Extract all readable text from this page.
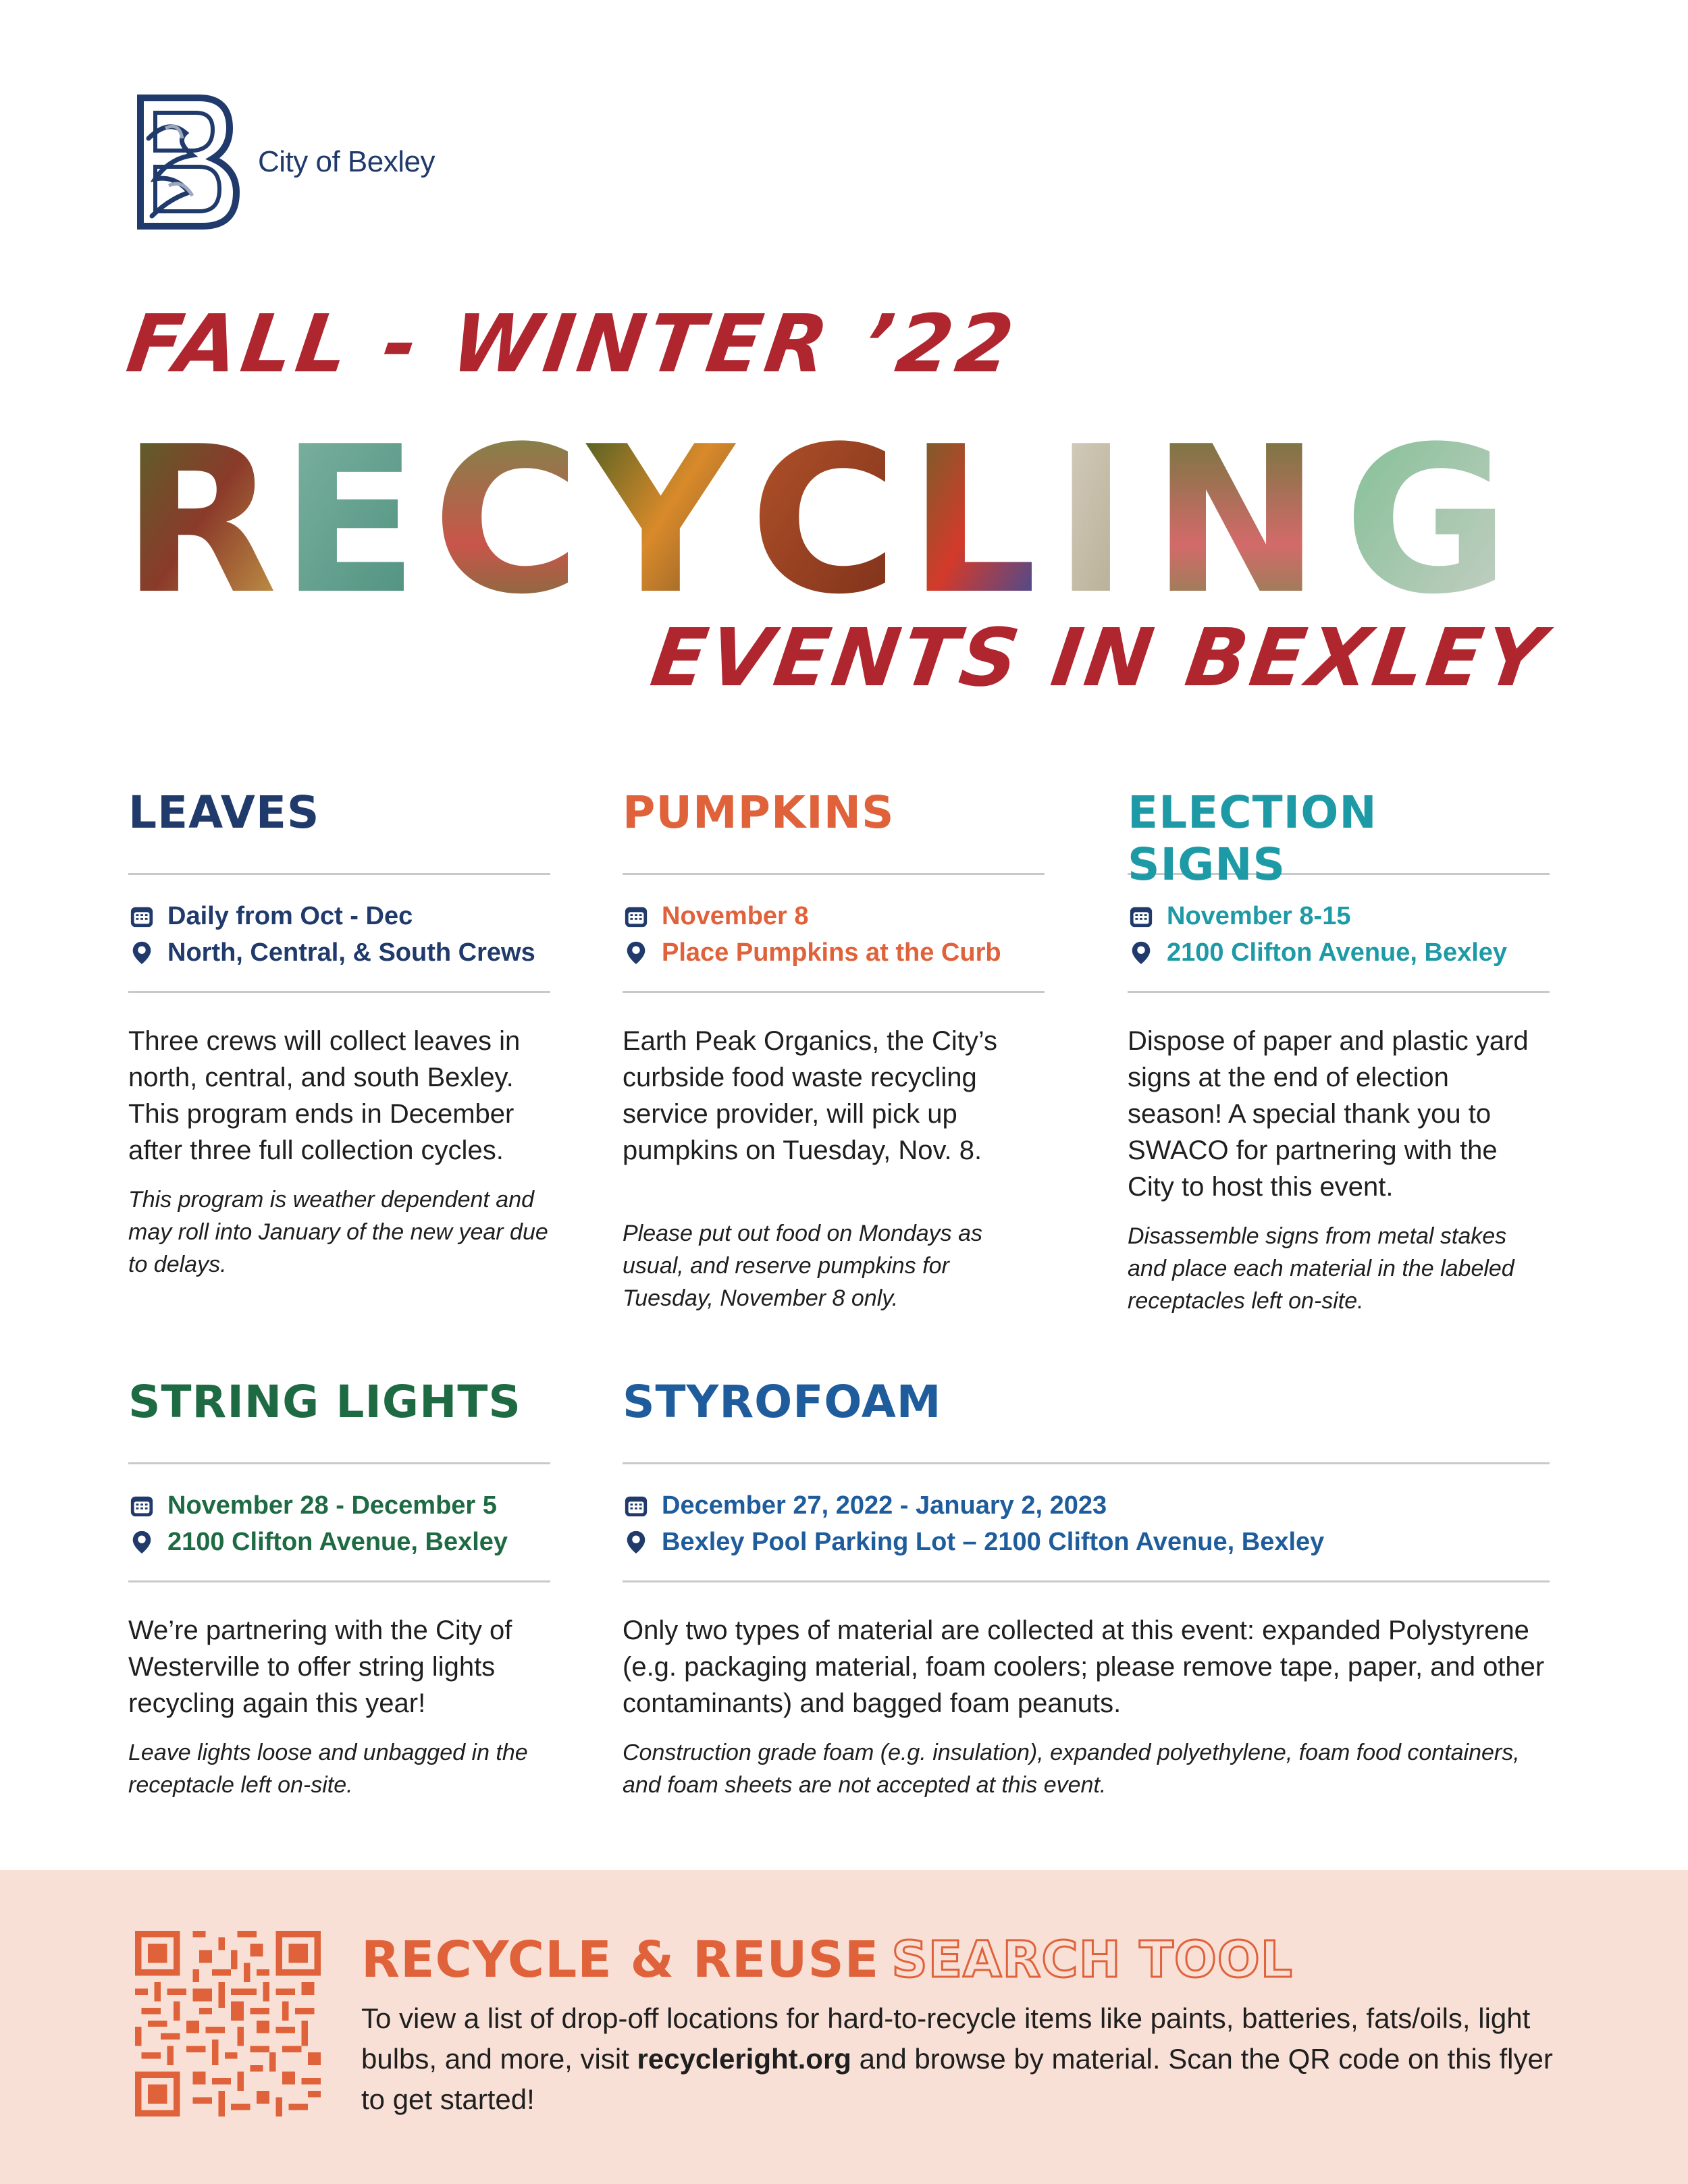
City of Bexley
FALL - WINTER ’22
R E C Y C L I N G
EVENTS IN BEXLEY
LEAVES
Daily from Oct - Dec
North, Central, & South Crews
Three crews will collect leaves in north, central, and south Bexley. This program ends in December after three full collection cycles.
This program is weather dependent and may roll into January of the new year due to delays.
PUMPKINS
November 8
Place Pumpkins at the Curb
Earth Peak Organics, the City’s curbside food waste recycling service provider, will pick up pumpkins on Tuesday, Nov. 8.
Please put out food on Mondays as usual, and reserve pumpkins for Tuesday, November 8 only.
ELECTION SIGNS
November 8-15
2100 Clifton Avenue, Bexley
Dispose of paper and plastic yard signs at the end of election season! A special thank you to SWACO for partnering with the City to host this event.
Disassemble signs from metal stakes and place each material in the labeled receptacles left on-site.
STRING LIGHTS
November 28 - December 5
2100 Clifton Avenue, Bexley
We’re partnering with the City of Westerville to offer string lights recycling again this year!
Leave lights loose and unbagged in the receptacle left on-site.
STYROFOAM
December 27, 2022 - January 2, 2023
Bexley Pool Parking Lot – 2100 Clifton Avenue, Bexley
Only two types of material are collected at this event: expanded Polystyrene (e.g. packaging material, foam coolers; please remove tape, paper, and other contaminants) and bagged foam peanuts.
Construction grade foam (e.g. insulation), expanded polyethylene, foam food containers, and foam sheets are not accepted at this event.
RECYCLE & REUSE SEARCH TOOL
To view a list of drop-off locations for hard-to-recycle items like paints, batteries, fats/oils, light bulbs, and more, visit recycleright.org and browse by material. Scan the QR code on this flyer to get started!
